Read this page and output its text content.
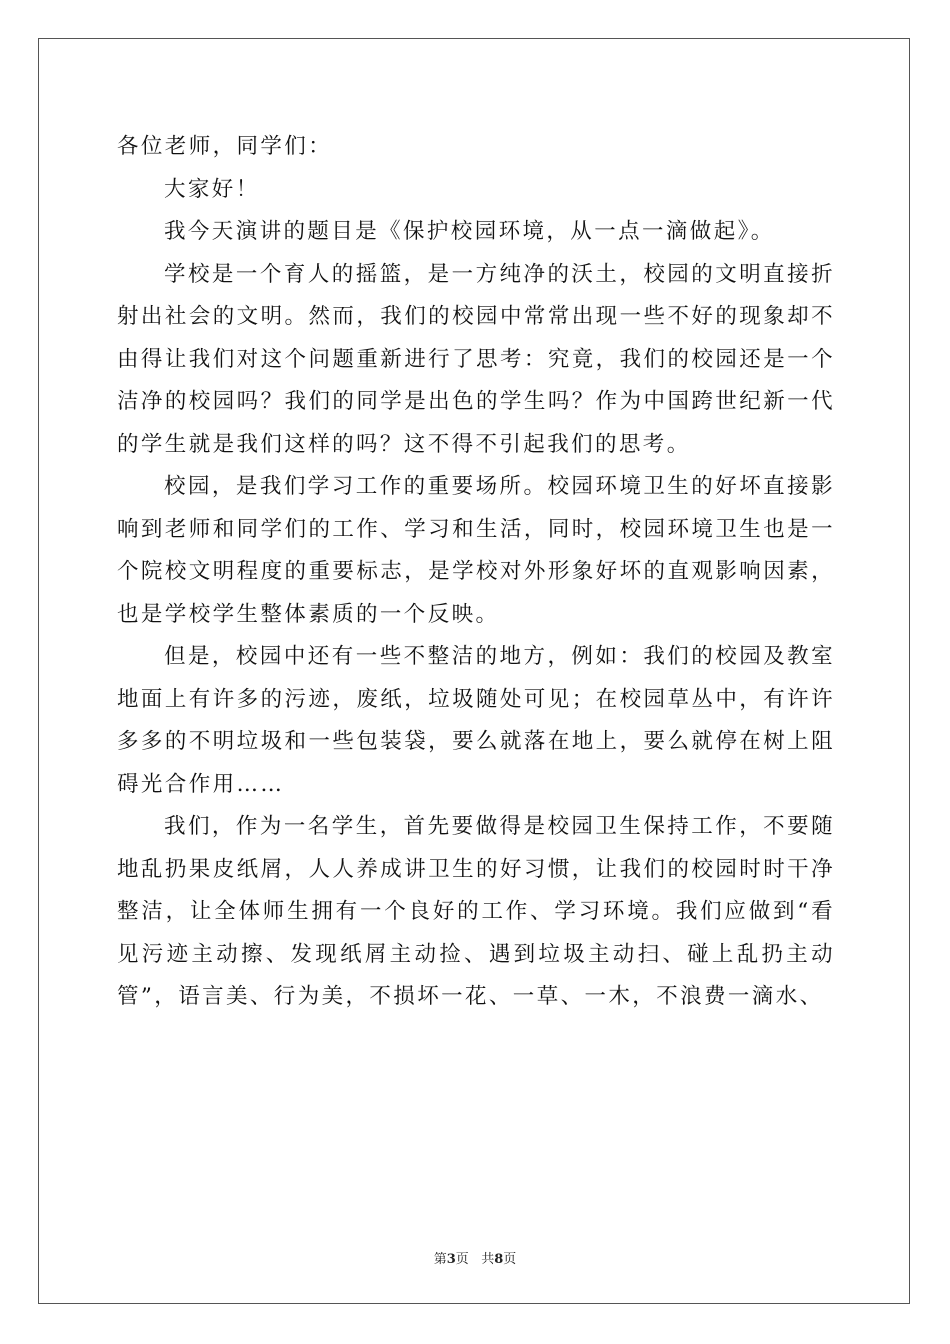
各位老师，同学们：

大家好！

我今天演讲的题目是《保护校园环境，从一点一滴做起》。

学校是一个育人的摇篮，是一方纯净的沃土，校园的文明直接折射出社会的文明。然而，我们的校园中常常出现一些不好的现象却不由得让我们对这个问题重新进行了思考：究竟，我们的校园还是一个洁净的校园吗？我们的同学是出色的学生吗？作为中国跨世纪新一代的学生就是我们这样的吗？这不得不引起我们的思考。

校园，是我们学习工作的重要场所。校园环境卫生的好坏直接影响到老师和同学们的工作、学习和生活，同时，校园环境卫生也是一个院校文明程度的重要标志，是学校对外形象好坏的直观影响因素，也是学校学生整体素质的一个反映。

但是，校园中还有一些不整洁的地方，例如：我们的校园及教室地面上有许多的污迹，废纸，垃圾随处可见；在校园草丛中，有许许多多的不明垃圾和一些包装袋，要么就落在地上，要么就停在树上阻碍光合作用……

我们，作为一名学生，首先要做得是校园卫生保持工作，不要随地乱扔果皮纸屑，人人养成讲卫生的好习惯，让我们的校园时时干净整洁，让全体师生拥有一个良好的工作、学习环境。我们应做到“看见污迹主动擦、发现纸屑主动捡、遇到垃圾主动扫、碰上乱扔主动管”，语言美、行为美，不损坏一花、一草、一木，不浪费一滴水、

第3页 共8页
